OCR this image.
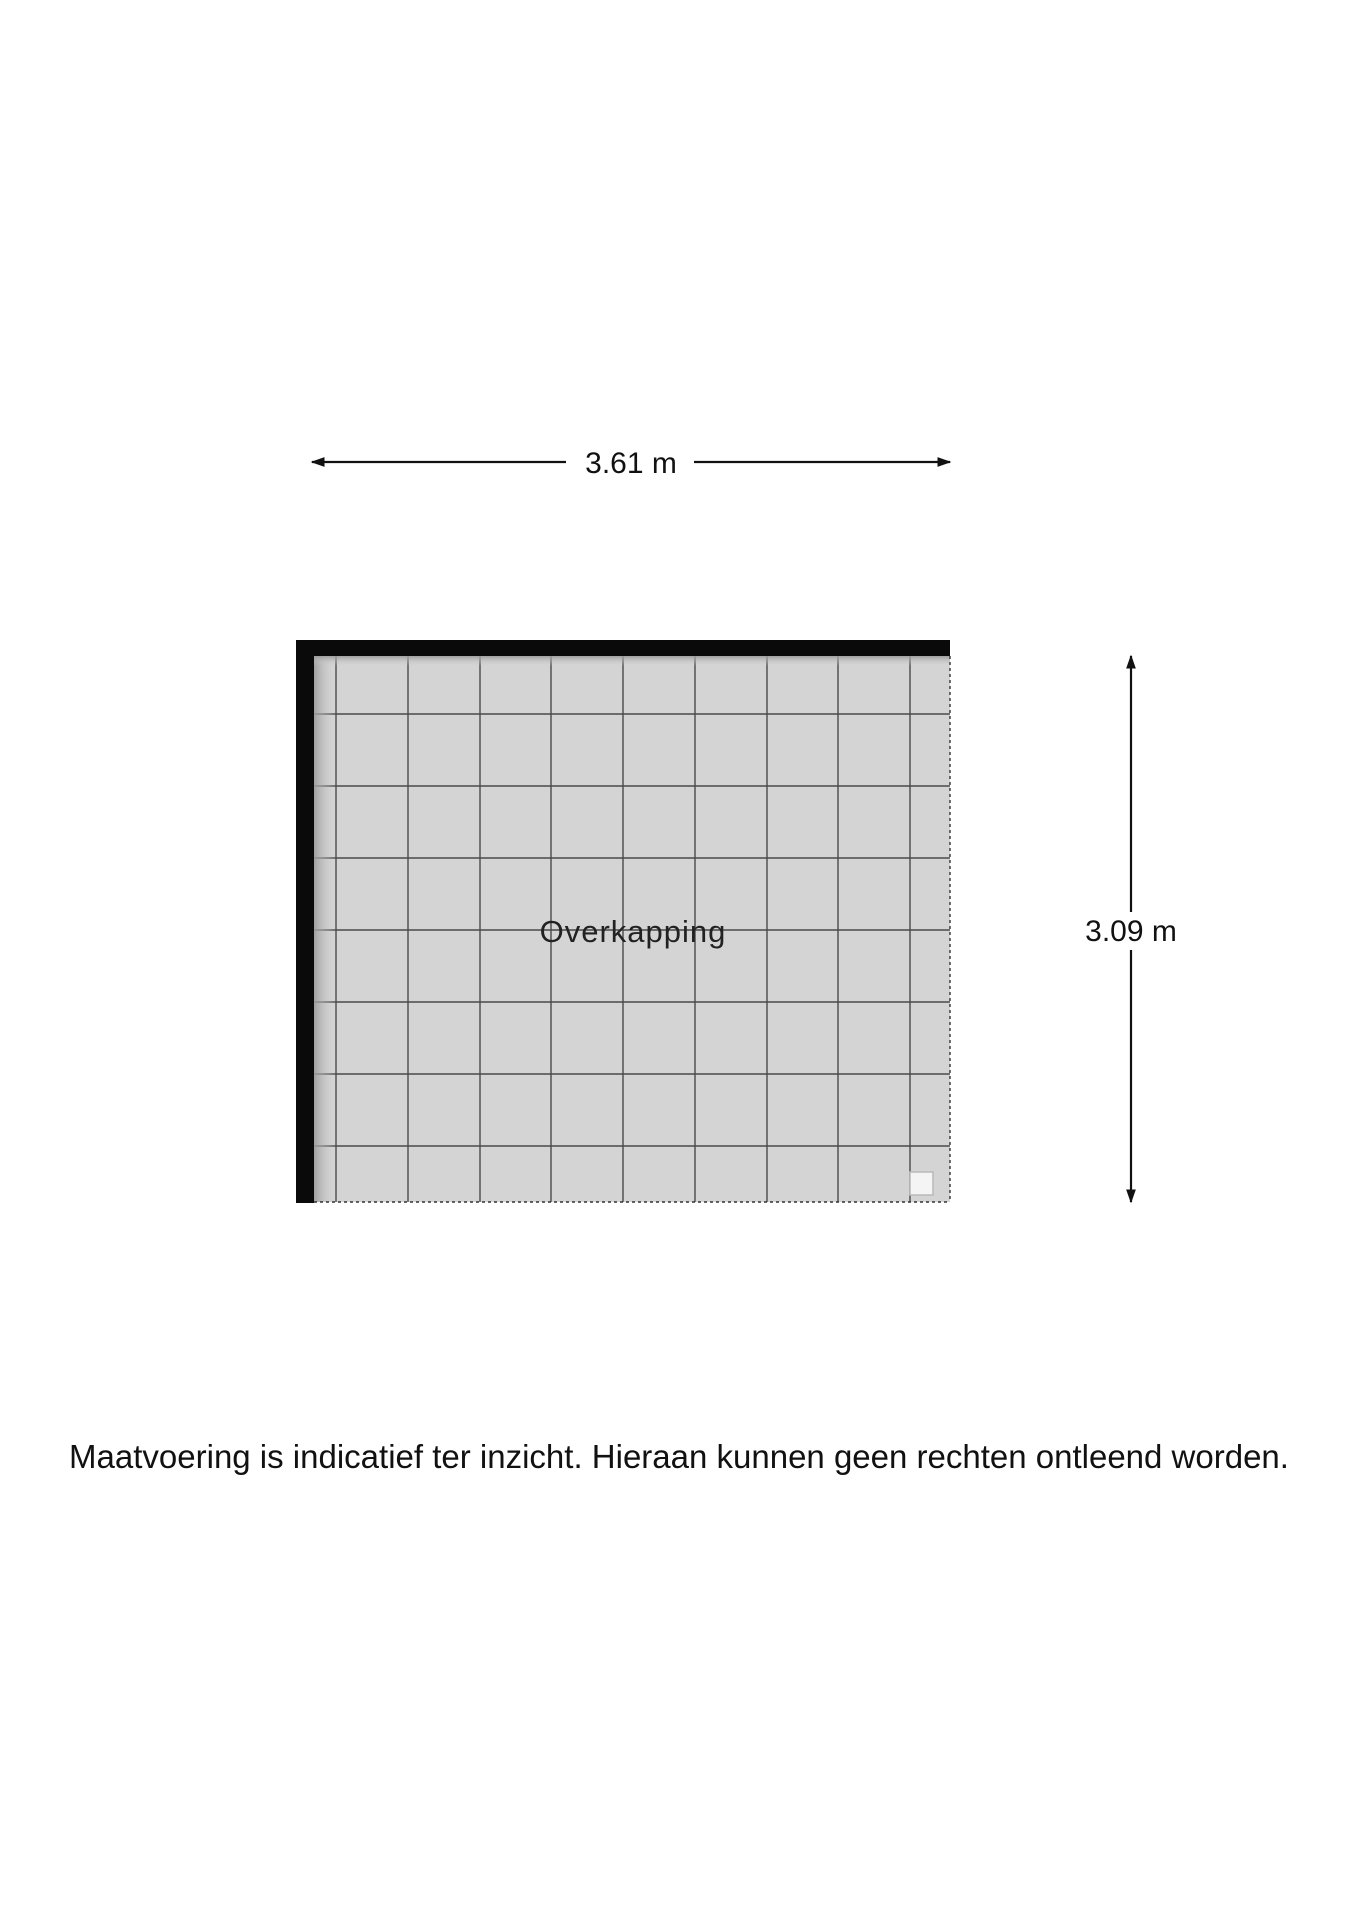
3.61 m
Overkapping	3.09 m

Maatvoering is indicatief ter inzicht. Hieraan kunnen geen rechten ontleend worden.
